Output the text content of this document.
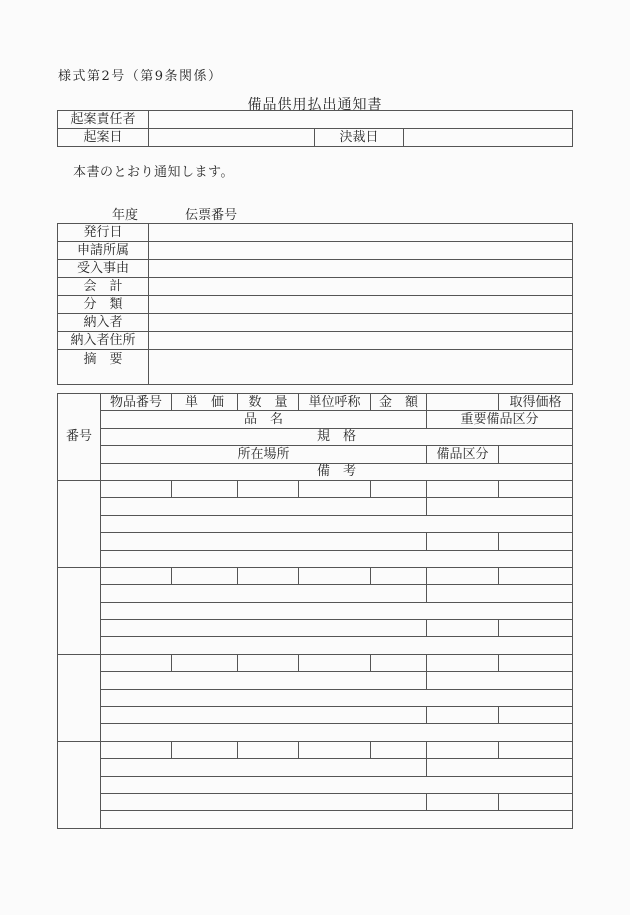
様式第2号（第9条関係）
備品供用払出通知書
起案責任者			
起案日		決裁日	
本書のとおり通知します。
年度	伝票番号
発行日	
申請所属	
受入事由	
会　計	
分　類	
納入者	
納入者住所	
摘　要	
番号	物品番号	単　価	数　量	単位呼称	金　額		取得価格
	品　名					重要備品区分	
	規　格						
	所在場所					備品区分	
	備　考						
